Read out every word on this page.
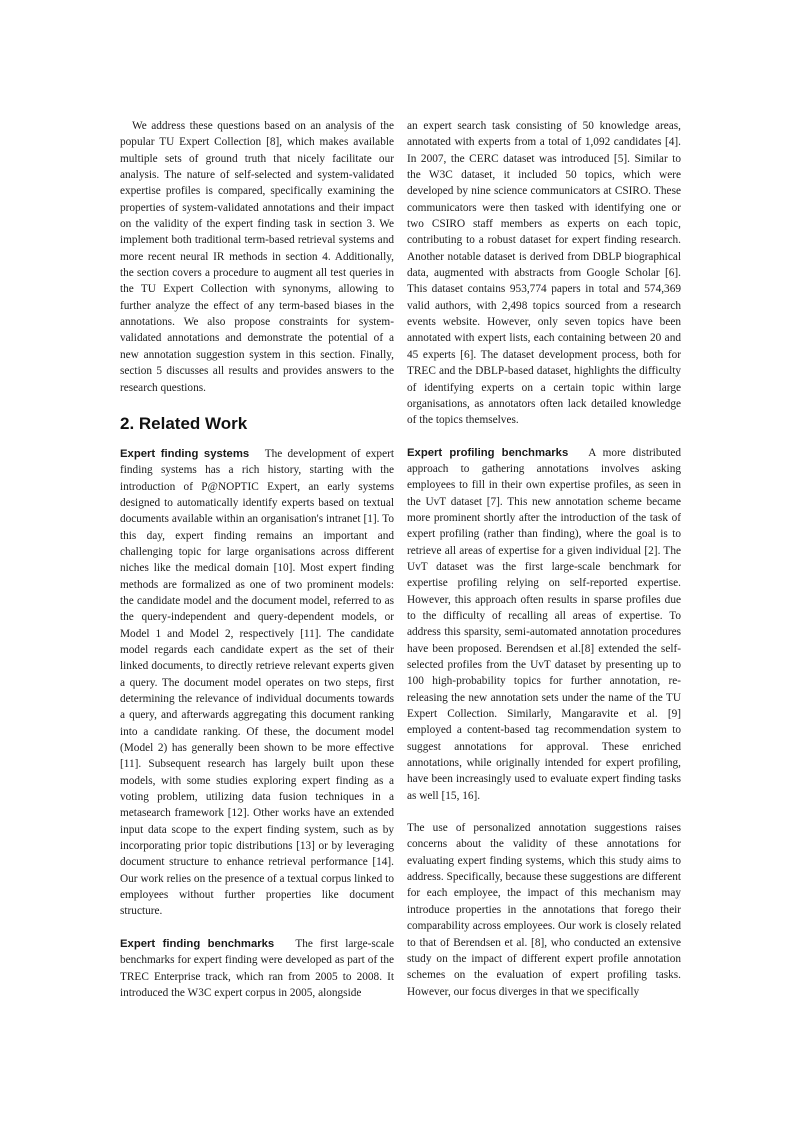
We address these questions based on an analysis of the popular TU Expert Collection [8], which makes available multiple sets of ground truth that nicely facilitate our analysis. The nature of self-selected and system-validated expertise profiles is compared, specifically examining the properties of system-validated annotations and their impact on the validity of the expert finding task in section 3. We implement both traditional term-based retrieval systems and more recent neural IR methods in section 4. Additionally, the section covers a procedure to augment all test queries in the TU Expert Collection with synonyms, allowing to further analyze the effect of any term-based biases in the annotations. We also propose constraints for system-validated annotations and demonstrate the potential of a new annotation suggestion system in this section. Finally, section 5 discusses all results and provides answers to the research questions.

2. Related Work

Expert finding systems The development of expert finding systems has a rich history, starting with the introduction of P@NOPTIC Expert, an early systems designed to automatically identify experts based on textual documents available within an organisation's intranet [1]. To this day, expert finding remains an important and challenging topic for large organisations across different niches like the medical domain [10]. Most expert finding methods are formalized as one of two prominent models: the candidate model and the document model, referred to as the query-independent and query-dependent models, or Model 1 and Model 2, respectively [11]. The candidate model regards each candidate expert as the set of their linked documents, to directly retrieve relevant experts given a query. The document model operates on two steps, first determining the relevance of individual documents towards a query, and afterwards aggregating this document ranking into a candidate ranking. Of these, the document model (Model 2) has generally been shown to be more effective [11]. Subsequent research has largely built upon these models, with some studies exploring expert finding as a voting problem, utilizing data fusion techniques in a metasearch framework [12]. Other works have an extended input data scope to the expert finding system, such as by incorporating prior topic distributions [13] or by leveraging document structure to enhance retrieval performance [14]. Our work relies on the presence of a textual corpus linked to employees without further properties like document structure.

Expert finding benchmarks The first large-scale benchmarks for expert finding were developed as part of the TREC Enterprise track, which ran from 2005 to 2008. It introduced the W3C expert corpus in 2005, alongside

an expert search task consisting of 50 knowledge areas, annotated with experts from a total of 1,092 candidates [4]. In 2007, the CERC dataset was introduced [5]. Similar to the W3C dataset, it included 50 topics, which were developed by nine science communicators at CSIRO. These communicators were then tasked with identifying one or two CSIRO staff members as experts on each topic, contributing to a robust dataset for expert finding research. Another notable dataset is derived from DBLP biographical data, augmented with abstracts from Google Scholar [6]. This dataset contains 953,774 papers in total and 574,369 valid authors, with 2,498 topics sourced from a research events website. However, only seven topics have been annotated with expert lists, each containing between 20 and 45 experts [6]. The dataset development process, both for TREC and the DBLP-based dataset, highlights the difficulty of identifying experts on a certain topic within large organisations, as annotators often lack detailed knowledge of the topics themselves.

Expert profiling benchmarks A more distributed approach to gathering annotations involves asking employees to fill in their own expertise profiles, as seen in the UvT dataset [7]. This new annotation scheme became more prominent shortly after the introduction of the task of expert profiling (rather than finding), where the goal is to retrieve all areas of expertise for a given individual [2]. The UvT dataset was the first large-scale benchmark for expertise profiling relying on self-reported expertise. However, this approach often results in sparse profiles due to the difficulty of recalling all areas of expertise. To address this sparsity, semi-automated annotation procedures have been proposed. Berendsen et al.[8] extended the self-selected profiles from the UvT dataset by presenting up to 100 high-probability topics for further annotation, re-releasing the new annotation sets under the name of the TU Expert Collection. Similarly, Mangaravite et al. [9] employed a content-based tag recommendation system to suggest annotations for approval. These enriched annotations, while originally intended for expert profiling, have been increasingly used to evaluate expert finding tasks as well [15, 16].

The use of personalized annotation suggestions raises concerns about the validity of these annotations for evaluating expert finding systems, which this study aims to address. Specifically, because these suggestions are different for each employee, the impact of this mechanism may introduce properties in the annotations that forego their comparability across employees. Our work is closely related to that of Berendsen et al. [8], who conducted an extensive study on the impact of different expert profile annotation schemes on the evaluation of expert profiling tasks. However, our focus diverges in that we specifically
